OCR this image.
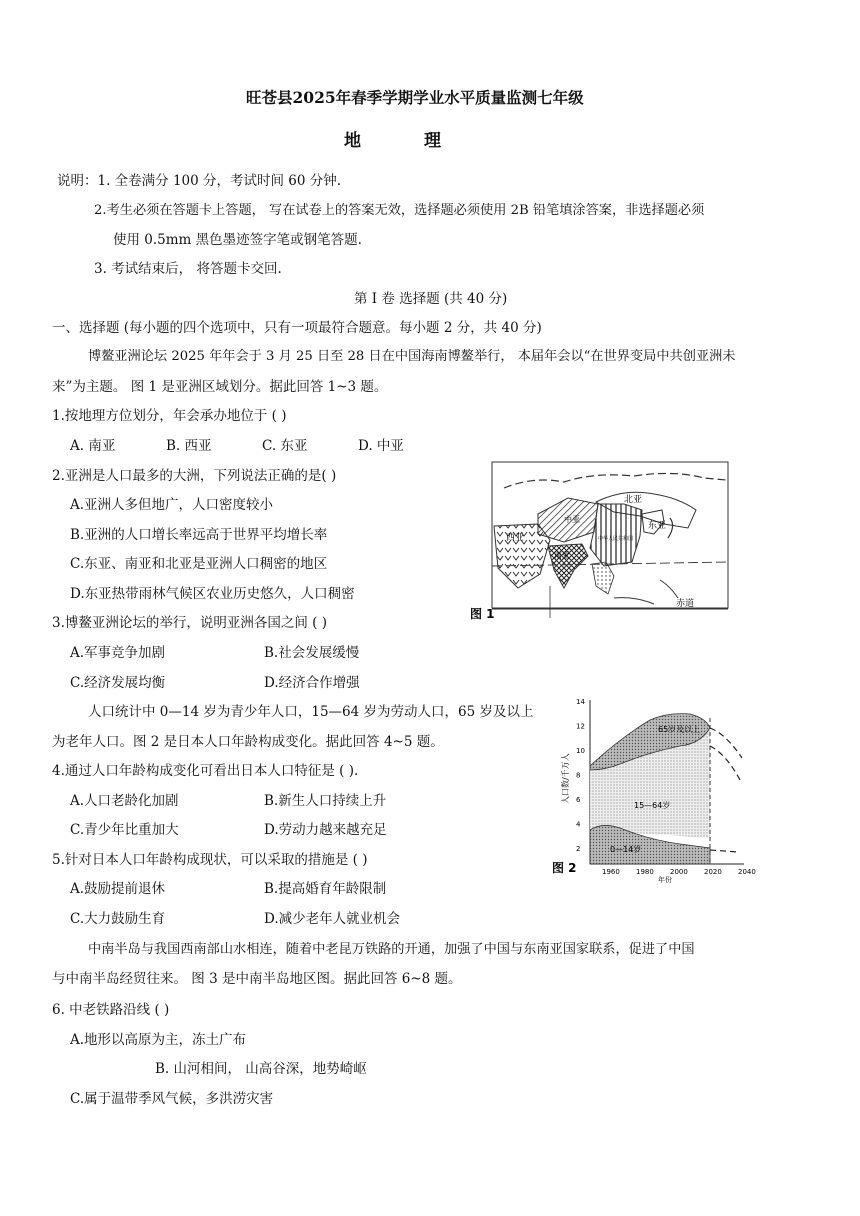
旺苍县2025年春季学期学业水平质量监测七年级
地	理
说明：1. 全卷满分 100 分，考试时间 60 分钟.
2.考生必须在答题卡上答题， 写在试卷上的答案无效，选择题必须使用 2B 铅笔填涂答案，非选择题必须
使用 0.5mm 黑色墨迹签字笔或钢笔答题.
3. 考试结束后， 将答题卡交回.
第 Ⅰ 卷 选择题 (共 40 分)
一、选择题 (每小题的四个选项中，只有一项最符合题意。每小题 2 分，共 40 分)
博鳌亚洲论坛 2025 年年会于 3 月 25 日至 28 日在中国海南博鳌举行， 本届年会以“在世界变局中共创亚洲未
来”为主题。 图 1 是亚洲区域划分。据此回答 1~3 题。
1.按地理方位划分，年会承办地位于 ( )
A. 南亚	B. 西亚	C. 东亚	D. 中亚
2.亚洲是人口最多的大洲，下列说法正确的是( )
A.亚洲人多但地广，人口密度较小
B.亚洲的人口增长率远高于世界平均增长率
C.东亚、南亚和北亚是亚洲人口稠密的地区
D.东亚热带雨林气候区农业历史悠久，人口稠密
3.博鳌亚洲论坛的举行，说明亚洲各国之间 ( )
A.军事竞争加剧	B.社会发展缓慢
C.经济发展均衡	D.经济合作增强
人口统计中 0—14 岁为青少年人口，15—64 岁为劳动人口，65 岁及以上
为老年人口。图 2 是日本人口年龄构成变化。据此回答 4~5 题。
4.通过人口年龄构成变化可看出日本人口特征是 ( ).
A.人口老龄化加剧	B.新生人口持续上升
C.青少年比重加大	D.劳动力越来越充足
5.针对日本人口年龄构成现状，可以采取的措施是 ( )
A.鼓励提前退休	B.提高婚育年龄限制
C.大力鼓励生育	D.减少老年人就业机会
中南半岛与我国西南部山水相连，随着中老昆万铁路的开通，加强了中国与东南亚国家联系，促进了中国
与中南半岛经贸往来。 图 3 是中南半岛地区图。据此回答 6~8 题。
6. 中老铁路沿线 ( )
A.地形以高原为主，冻土广布
B. 山河相间， 山高谷深，地势崎岖
C.属于温带季风气候，多洪涝灾害
北亚
中亚
西亚
东亚
南亚
中华人民共和国
赤道
图 1
65岁及以上
15—64岁
0—14岁
人口数/千万人
年份
14
12
10
8
6
4
2
1960 1980 2000 2020 2040
图 2
